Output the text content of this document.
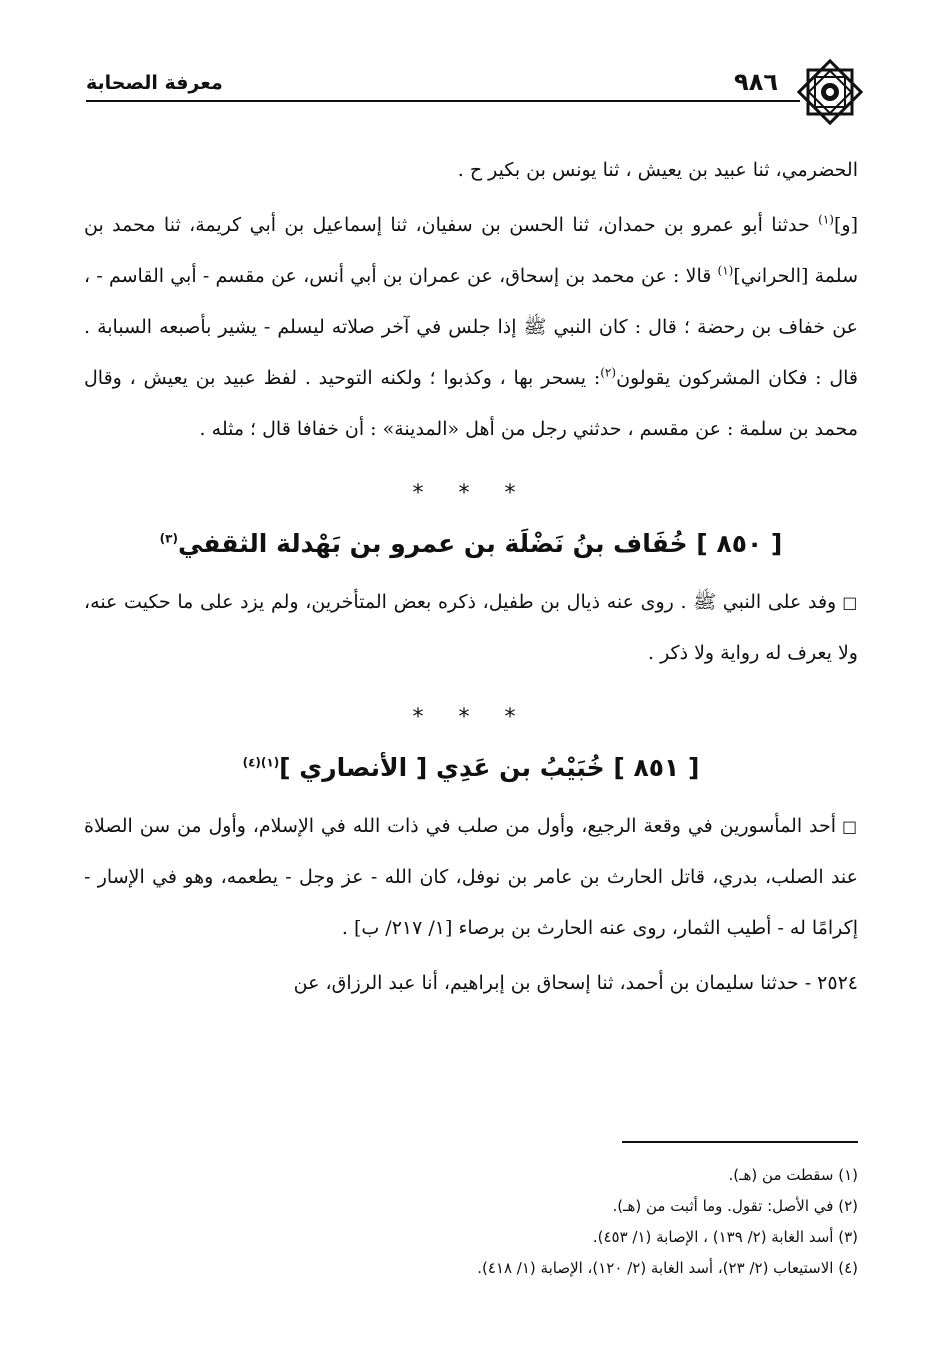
معرفة الصحابة	٩٨٦

الحضرمي، ثنا عبيد بن يعيش ، ثنا يونس بن بكير ح .

[و]$^{(١)}$ حدثنا أبو عمرو بن حمدان، ثنا الحسن بن سفيان، ثنا إسماعيل بن أبي كريمة، ثنا محمد بن سلمة [الحراني]$^{(١)}$ قالا : عن محمد بن إسحاق، عن عمران بن أبي أنس، عن مقسم - أبي القاسم - ، عن خفاف بن رحضة ؛ قال : كان النبي ﷺ إذا جلس في آخر صلاته ليسلم - يشير بأصبعه السبابة . قال : فكان المشركون يقولون$^{(٢)}$: يسحر بها ، وكذبوا ؛ ولكنه التوحيد . لفظ عبيد بن يعيش ، وقال محمد بن سلمة : عن مقسم ، حدثني رجل من أهل «المدينة» : أن خفافا قال ؛ مثله .

* * *
[ ٨٥٠ ] خُفَاف بنُ نَضْلَة بن عمرو بن بَهْدلة الثقفي$^{(٣)}$

□ وفد على النبي ﷺ . روى عنه ذيال بن طفيل، ذكره بعض المتأخرين، ولم يزد على ما حكيت عنه، ولا يعرف له رواية ولا ذكر .

* * *
[ ٨٥١ ] خُبَيْبُ بن عَدِي [ الأنصاري ]$^{(١)(٤)}$

□ أحد المأسورين في وقعة الرجيع، وأول من صلب في ذات الله في الإسلام، وأول من سن الصلاة عند الصلب، بدري، قاتل الحارث بن عامر بن نوفل، كان الله - عز وجل - يطعمه، وهو في الإسار - إكرامًا له - أطيب الثمار، روى عنه الحارث بن برصاء [١/ ٢١٧/ ب] .

٢٥٢٤ - حدثنا سليمان بن أحمد، ثنا إسحاق بن إبراهيم، أنا عبد الرزاق، عن

(١) سقطت من (هـ).

(٢) في الأصل: تقول. وما أثبت من (هـ).

(٣) أسد الغابة (٢/ ١٣٩) ، الإصابة (١/ ٤٥٣).

(٤) الاستيعاب (٢/ ٢٣)، أسد الغابة (٢/ ١٢٠)، الإصابة (١/ ٤١٨).
